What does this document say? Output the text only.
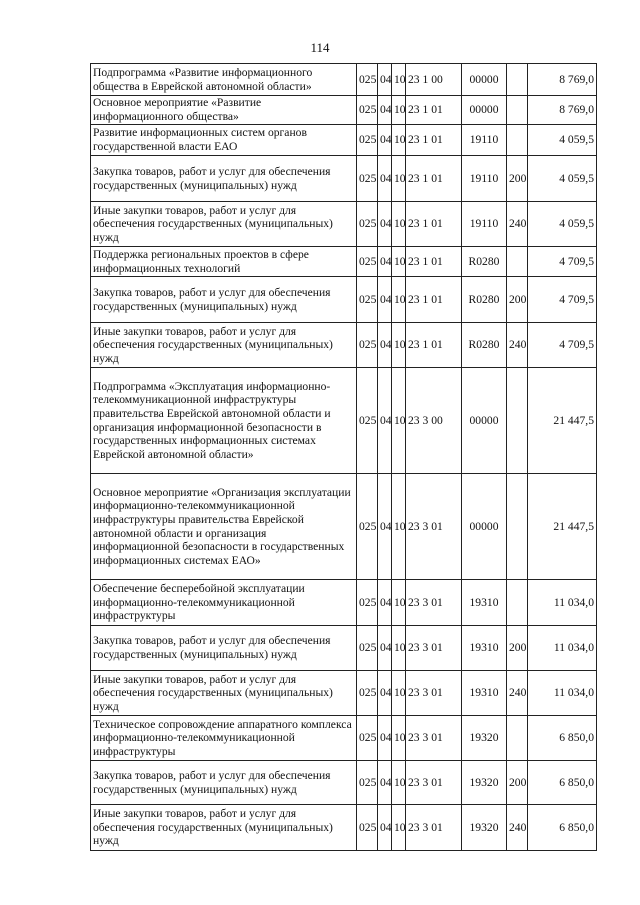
114
Подпрограмма «Развитие информационного общества в Еврейской автономной области»	025	04	10	23 1 00	00000		8 769,0
Основное мероприятие «Развитие информационного общества»	025	04	10	23 1 01	00000		8 769,0
Развитие информационных систем органов государственной власти ЕАО	025	04	10	23 1 01	19110		4 059,5
Закупка товаров, работ и услуг для обеспечения государственных (муниципальных) нужд	025	04	10	23 1 01	19110	200	4 059,5
Иные закупки товаров, работ и услуг для обеспечения государственных (муниципальных) нужд	025	04	10	23 1 01	19110	240	4 059,5
Поддержка региональных проектов в сфере информационных технологий	025	04	10	23 1 01	R0280		4 709,5
Закупка товаров, работ и услуг для обеспечения государственных (муниципальных) нужд	025	04	10	23 1 01	R0280	200	4 709,5
Иные закупки товаров, работ и услуг для обеспечения государственных (муниципальных) нужд	025	04	10	23 1 01	R0280	240	4 709,5
Подпрограмма «Эксплуатация информационно-телекоммуникационной инфраструктуры правительства Еврейской автономной области и организация информационной безопасности в государственных информационных системах Еврейской автономной области»	025	04	10	23 3 00	00000		21 447,5
Основное мероприятие «Организация эксплуатации информационно-телекоммуникационной инфраструктуры правительства Еврейской автономной области и организация информационной безопасности в государственных информационных системах ЕАО»	025	04	10	23 3 01	00000		21 447,5
Обеспечение бесперебойной эксплуатации информационно-телекоммуникационной инфраструктуры	025	04	10	23 3 01	19310		11 034,0
Закупка товаров, работ и услуг для обеспечения государственных (муниципальных) нужд	025	04	10	23 3 01	19310	200	11 034,0
Иные закупки товаров, работ и услуг для обеспечения государственных (муниципальных) нужд	025	04	10	23 3 01	19310	240	11 034,0
Техническое сопровождение аппаратного комплекса информационно-телекоммуникационной инфраструктуры	025	04	10	23 3 01	19320		6 850,0
Закупка товаров, работ и услуг для обеспечения государственных (муниципальных) нужд	025	04	10	23 3 01	19320	200	6 850,0
Иные закупки товаров, работ и услуг для обеспечения государственных (муниципальных) нужд	025	04	10	23 3 01	19320	240	6 850,0
